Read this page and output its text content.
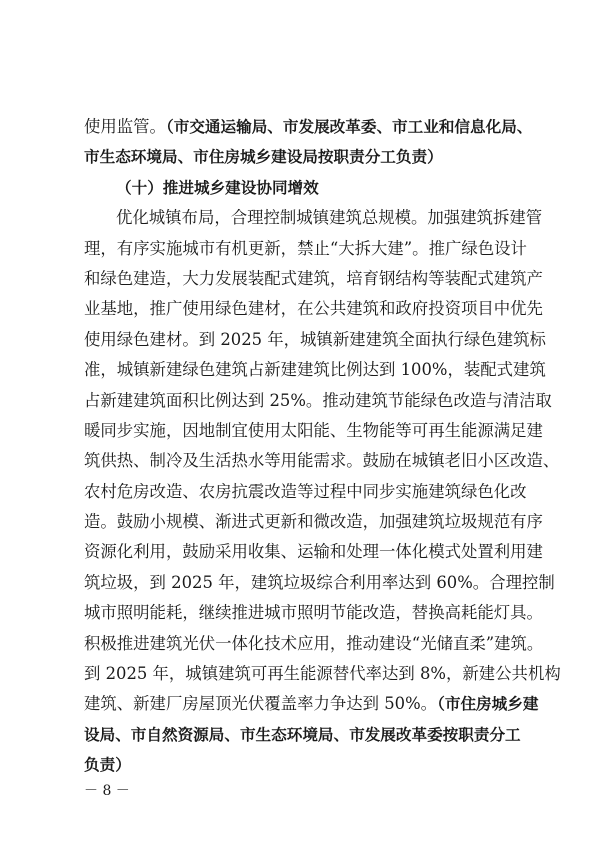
使用监管。（市交通运输局、市发展改革委、市工业和信息化局、
市生态环境局、市住房城乡建设局按职责分工负责）
（十）推进城乡建设协同增效
优化城镇布局，合理控制城镇建筑总规模。加强建筑拆建管
理，有序实施城市有机更新，禁止“大拆大建”。推广绿色设计
和绿色建造，大力发展装配式建筑，培育钢结构等装配式建筑产
业基地，推广使用绿色建材，在公共建筑和政府投资项目中优先
使用绿色建材。到 2025 年，城镇新建建筑全面执行绿色建筑标
准，城镇新建绿色建筑占新建建筑比例达到 100%，装配式建筑
占新建建筑面积比例达到 25%。推动建筑节能绿色改造与清洁取
暖同步实施，因地制宜使用太阳能、生物能等可再生能源满足建
筑供热、制冷及生活热水等用能需求。鼓励在城镇老旧小区改造、
农村危房改造、农房抗震改造等过程中同步实施建筑绿色化改
造。鼓励小规模、渐进式更新和微改造，加强建筑垃圾规范有序
资源化利用，鼓励采用收集、运输和处理一体化模式处置利用建
筑垃圾，到 2025 年，建筑垃圾综合利用率达到 60%。合理控制
城市照明能耗，继续推进城市照明节能改造，替换高耗能灯具。
积极推进建筑光伏一体化技术应用，推动建设“光储直柔”建筑。
到 2025 年，城镇建筑可再生能源替代率达到 8%，新建公共机构
建筑、新建厂房屋顶光伏覆盖率力争达到 50%。（市住房城乡建
设局、市自然资源局、市生态环境局、市发展改革委按职责分工
负责）
－ 8 －
